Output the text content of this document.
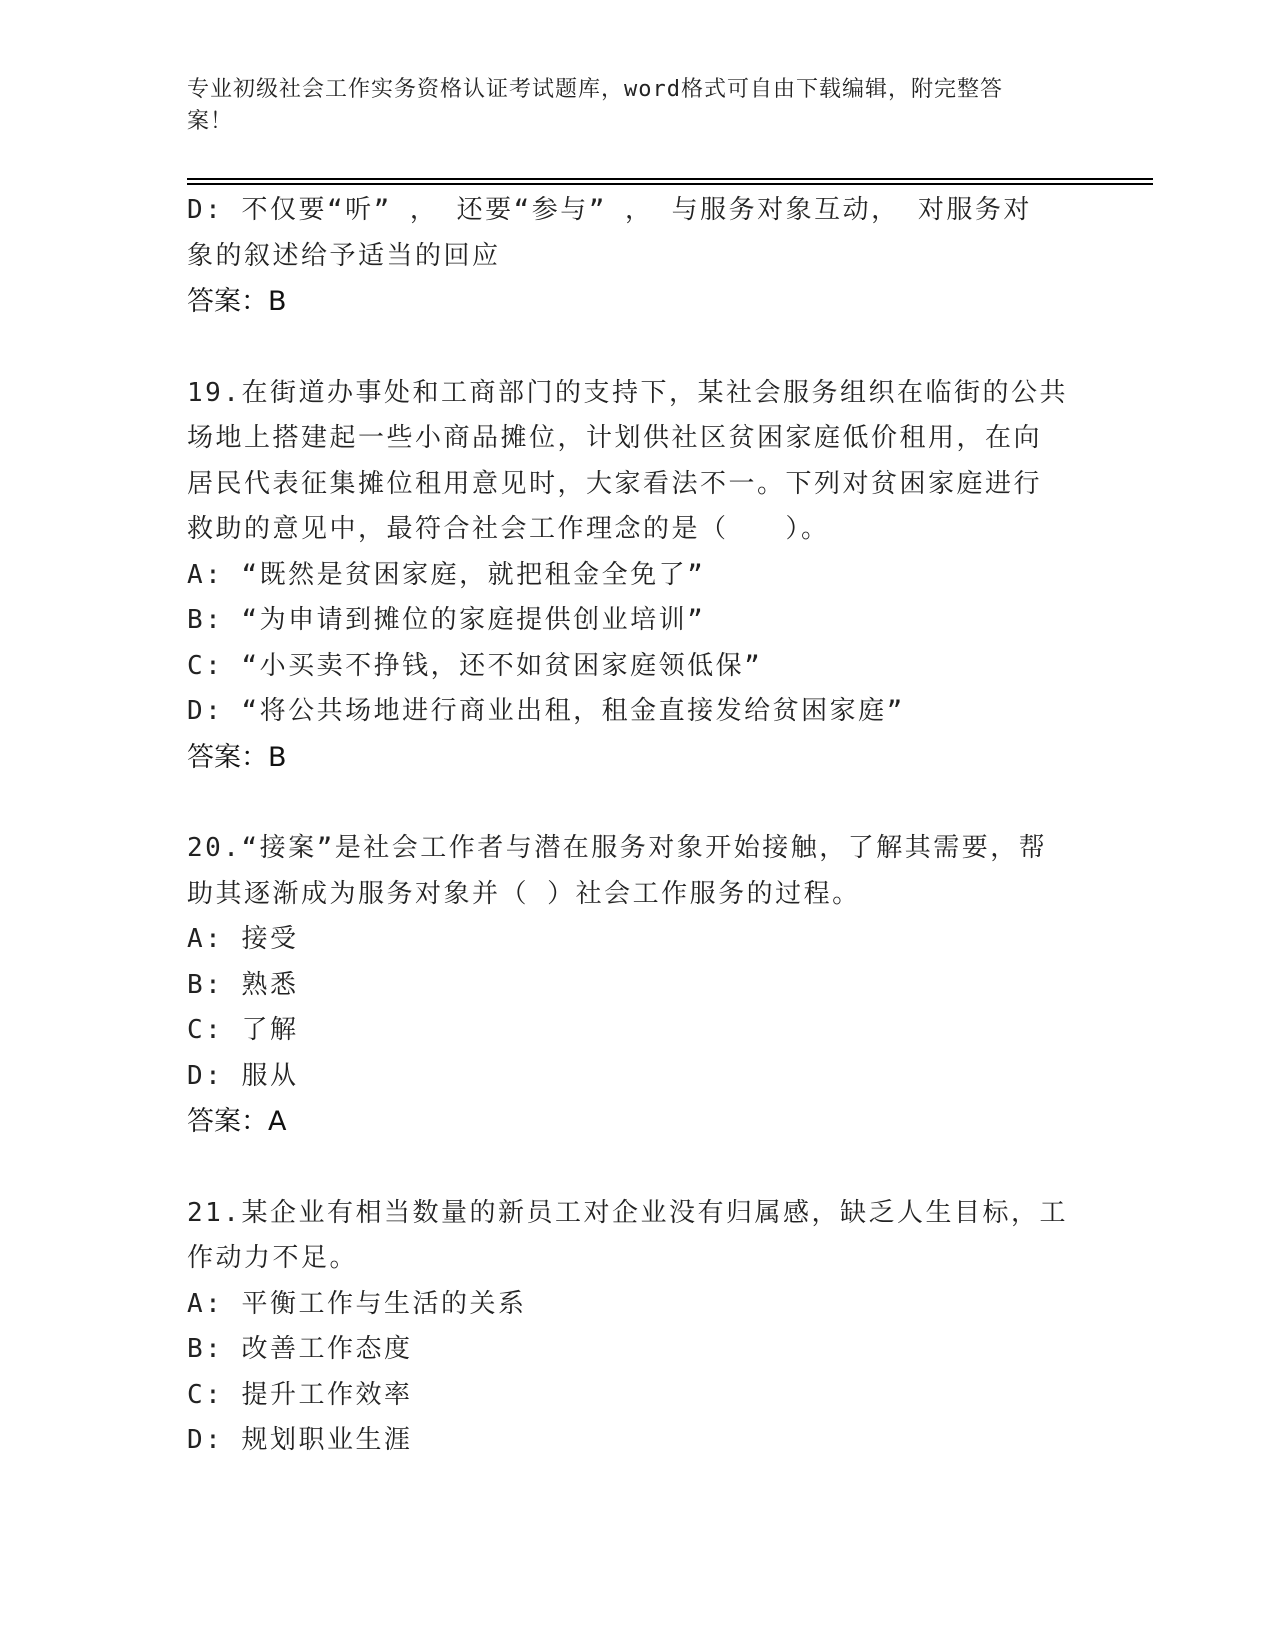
专业初级社会工作实务资格认证考试题库，word格式可自由下载编辑，附完整答
案！
D: 不仅要“听” ， 还要“参与” ， 与服务对象互动， 对服务对
象的叙述给予适当的回应
答案：B
19.在街道办事处和工商部门的支持下，某社会服务组织在临街的公共
场地上搭建起一些小商品摊位，计划供社区贫困家庭低价租用，在向
居民代表征集摊位租用意见时，大家看法不一。下列对贫困家庭进行
救助的意见中，最符合社会工作理念的是（　　）。
A: “既然是贫困家庭，就把租金全免了”
B: “为申请到摊位的家庭提供创业培训”
C: “小买卖不挣钱，还不如贫困家庭领低保”
D: “将公共场地进行商业出租，租金直接发给贫困家庭”
答案：B
20.“接案”是社会工作者与潜在服务对象开始接触，了解其需要，帮
助其逐渐成为服务对象并（ ）社会工作服务的过程。
A: 接受
B: 熟悉
C: 了解
D: 服从
答案：A
21.某企业有相当数量的新员工对企业没有归属感，缺乏人生目标，工
作动力不足。
A: 平衡工作与生活的关系
B: 改善工作态度
C: 提升工作效率
D: 规划职业生涯
